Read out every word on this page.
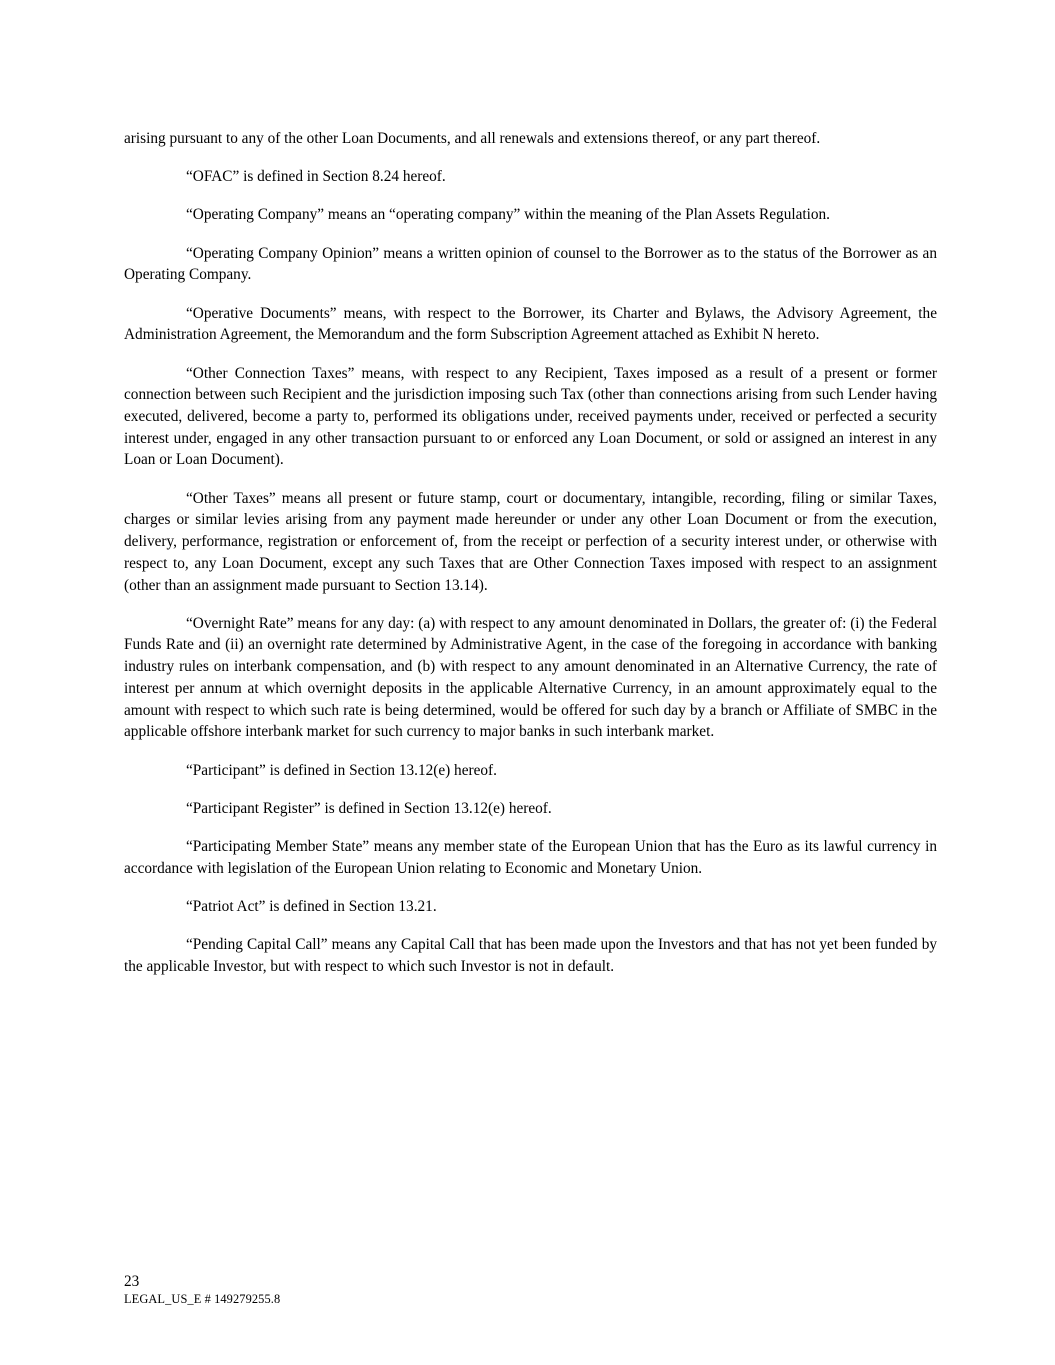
arising pursuant to any of the other Loan Documents, and all renewals and extensions thereof, or any part thereof.

“OFAC” is defined in Section 8.24 hereof.

“Operating Company” means an “operating company” within the meaning of the Plan Assets Regulation.

“Operating Company Opinion” means a written opinion of counsel to the Borrower as to the status of the Borrower as an Operating Company.

“Operative Documents” means, with respect to the Borrower, its Charter and Bylaws, the Advisory Agreement, the Administration Agreement, the Memorandum and the form Subscription Agreement attached as Exhibit N hereto.

“Other Connection Taxes” means, with respect to any Recipient, Taxes imposed as a result of a present or former connection between such Recipient and the jurisdiction imposing such Tax (other than connections arising from such Lender having executed, delivered, become a party to, performed its obligations under, received payments under, received or perfected a security interest under, engaged in any other transaction pursuant to or enforced any Loan Document, or sold or assigned an interest in any Loan or Loan Document).

“Other Taxes” means all present or future stamp, court or documentary, intangible, recording, filing or similar Taxes, charges or similar levies arising from any payment made hereunder or under any other Loan Document or from the execution, delivery, performance, registration or enforcement of, from the receipt or perfection of a security interest under, or otherwise with respect to, any Loan Document, except any such Taxes that are Other Connection Taxes imposed with respect to an assignment (other than an assignment made pursuant to Section 13.14).

“Overnight Rate” means for any day: (a) with respect to any amount denominated in Dollars, the greater of: (i) the Federal Funds Rate and (ii) an overnight rate determined by Administrative Agent, in the case of the foregoing in accordance with banking industry rules on interbank compensation, and (b) with respect to any amount denominated in an Alternative Currency, the rate of interest per annum at which overnight deposits in the applicable Alternative Currency, in an amount approximately equal to the amount with respect to which such rate is being determined, would be offered for such day by a branch or Affiliate of SMBC in the applicable offshore interbank market for such currency to major banks in such interbank market.

“Participant” is defined in Section 13.12(e) hereof.

“Participant Register” is defined in Section 13.12(e) hereof.

“Participating Member State” means any member state of the European Union that has the Euro as its lawful currency in accordance with legislation of the European Union relating to Economic and Monetary Union.

“Patriot Act” is defined in Section 13.21.

“Pending Capital Call” means any Capital Call that has been made upon the Investors and that has not yet been funded by the applicable Investor, but with respect to which such Investor is not in default.

23

LEGAL_US_E # 149279255.8
